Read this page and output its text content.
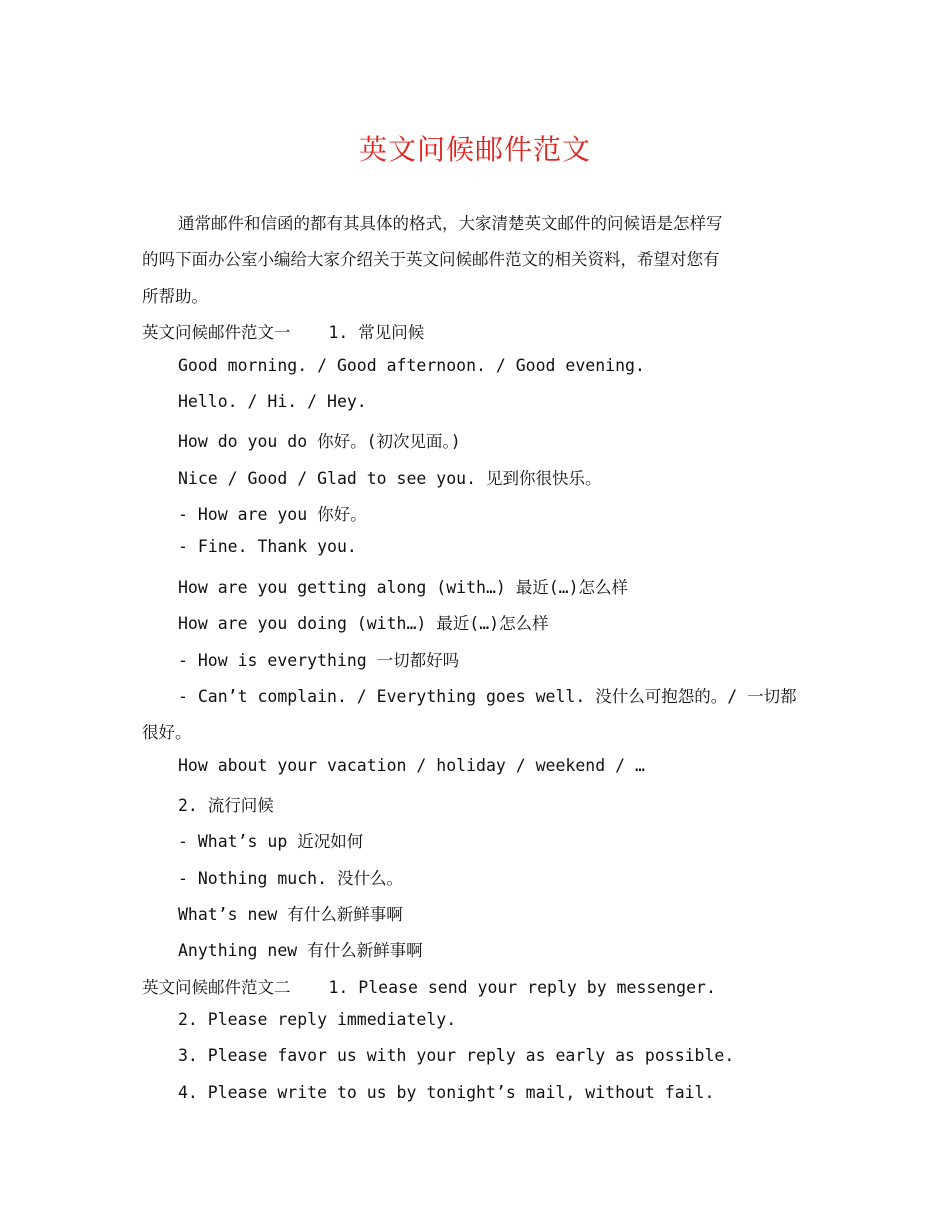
英文问候邮件范文
通常邮件和信函的都有其具体的格式，大家清楚英文邮件的问候语是怎样写
的吗下面办公室小编给大家介绍关于英文问候邮件范文的相关资料，希望对您有
所帮助。
英文问候邮件范文一 1. 常见问候
Good morning. / Good afternoon. / Good evening.
Hello. / Hi. / Hey.
How do you do 你好。(初次见面。)
Nice / Good / Glad to see you. 见到你很快乐。
- How are you 你好。
- Fine. Thank you.
How are you getting along (with…) 最近(…)怎么样
How are you doing (with…) 最近(…)怎么样
- How is everything 一切都好吗
- Can’t complain. / Everything goes well. 没什么可抱怨的。/ 一切都
很好。
How about your vacation / holiday / weekend / …
2. 流行问候
- What’s up 近况如何
- Nothing much. 没什么。
What’s new 有什么新鲜事啊
Anything new 有什么新鲜事啊
英文问候邮件范文二 1. Please send your reply by messenger.
2. Please reply immediately.
3. Please favor us with your reply as early as possible.
4. Please write to us by tonight’s mail, without fail.
